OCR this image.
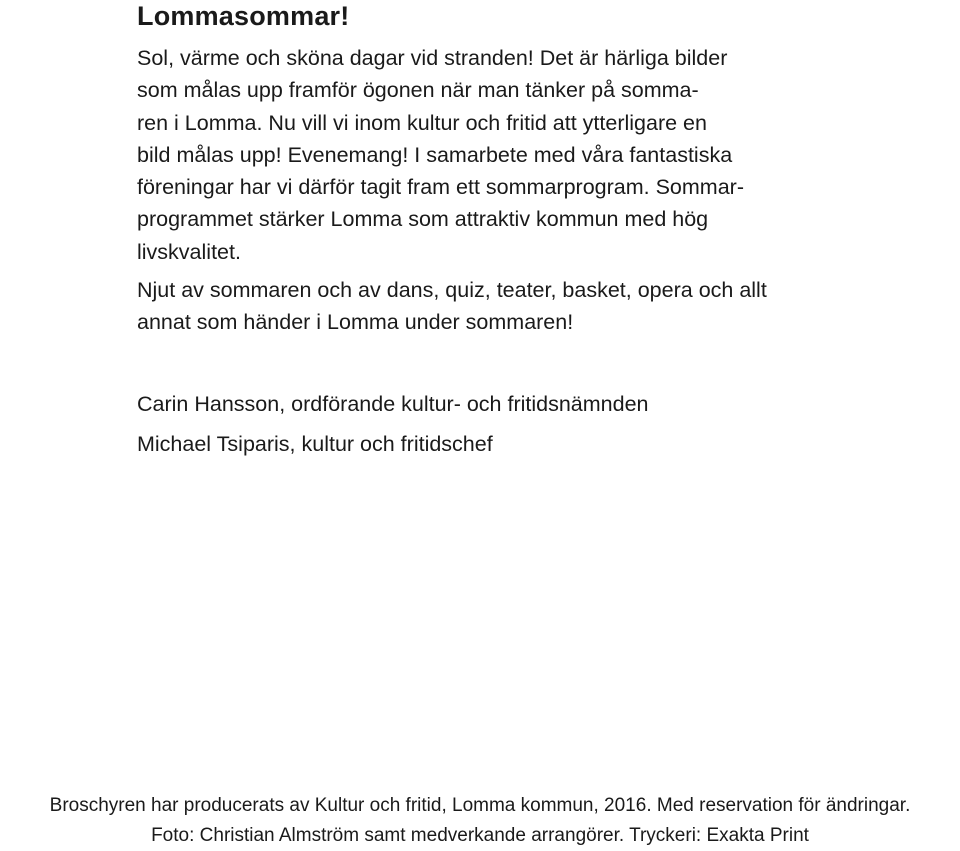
Lommasommar!

Sol, värme och sköna dagar vid stranden! Det är härliga bilder
som målas upp framför ögonen när man tänker på somma-
ren i Lomma. Nu vill vi inom kultur och fritid att ytterligare en
bild målas upp! Evenemang! I samarbete med våra fantastiska
föreningar har vi därför tagit fram ett sommarprogram. Sommar-
programmet stärker Lomma som attraktiv kommun med hög
livskvalitet.

Njut av sommaren och av dans, quiz, teater, basket, opera och allt
annat som händer i Lomma under sommaren!

Carin Hansson, ordförande kultur- och fritidsnämnden

Michael Tsiparis, kultur och fritidschef

Broschyren har producerats av Kultur och fritid, Lomma kommun, 2016. Med reservation för ändringar.
Foto: Christian Almström samt medverkande arrangörer. Tryckeri: Exakta Print
